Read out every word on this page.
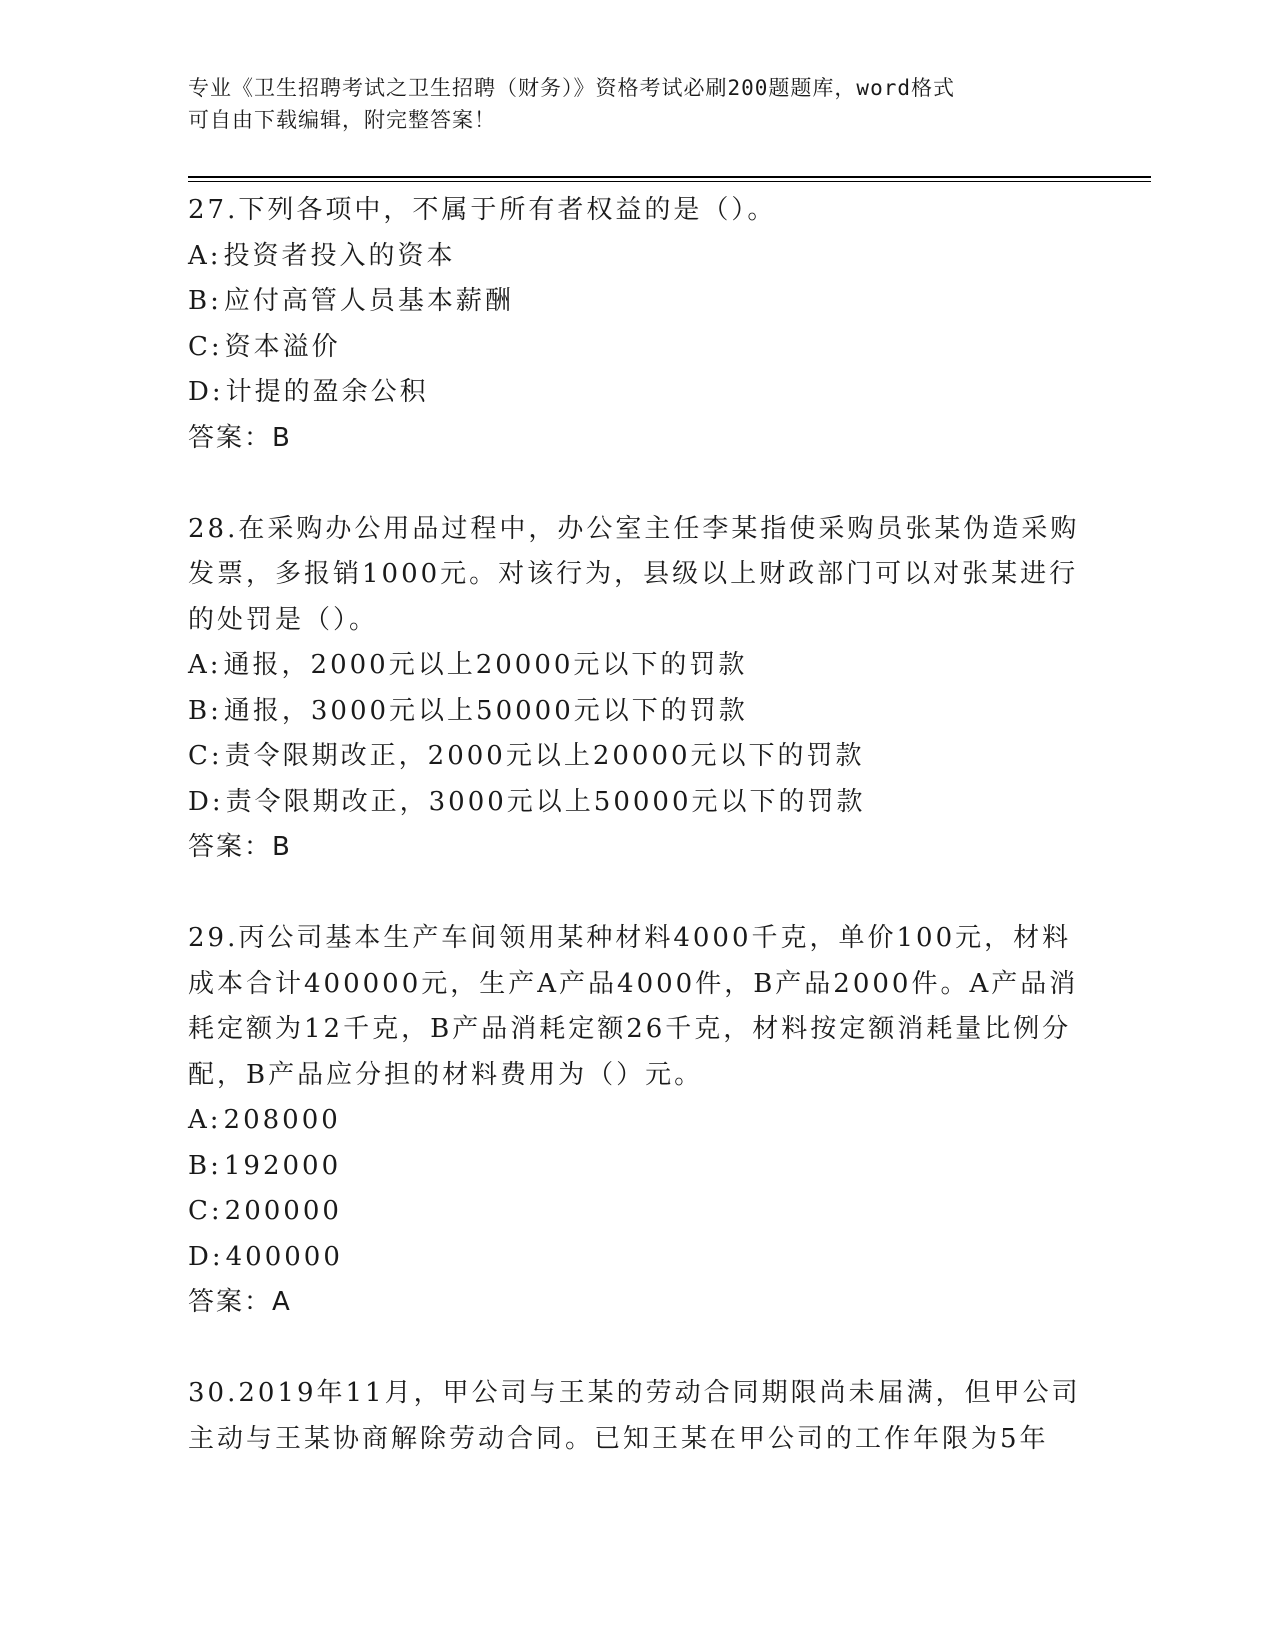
专业《卫生招聘考试之卫生招聘（财务）》资格考试必刷200题题库，word格式
可自由下载编辑，附完整答案！
27.下列各项中，不属于所有者权益的是（）。
A:投资者投入的资本
B:应付高管人员基本薪酬
C:资本溢价
D:计提的盈余公积
答案：B
28.在采购办公用品过程中，办公室主任李某指使采购员张某伪造采购
发票，多报销1000元。对该行为，县级以上财政部门可以对张某进行
的处罚是（）。
A:通报，2000元以上20000元以下的罚款
B:通报，3000元以上50000元以下的罚款
C:责令限期改正，2000元以上20000元以下的罚款
D:责令限期改正，3000元以上50000元以下的罚款
答案：B
29.丙公司基本生产车间领用某种材料4000千克，单价100元，材料
成本合计400000元，生产A产品4000件，B产品2000件。A产品消
耗定额为12千克，B产品消耗定额26千克，材料按定额消耗量比例分
配，B产品应分担的材料费用为（）元。
A:208000
B:192000
C:200000
D:400000
答案：A
30.2019年11月，甲公司与王某的劳动合同期限尚未届满，但甲公司
主动与王某协商解除劳动合同。已知王某在甲公司的工作年限为5年
